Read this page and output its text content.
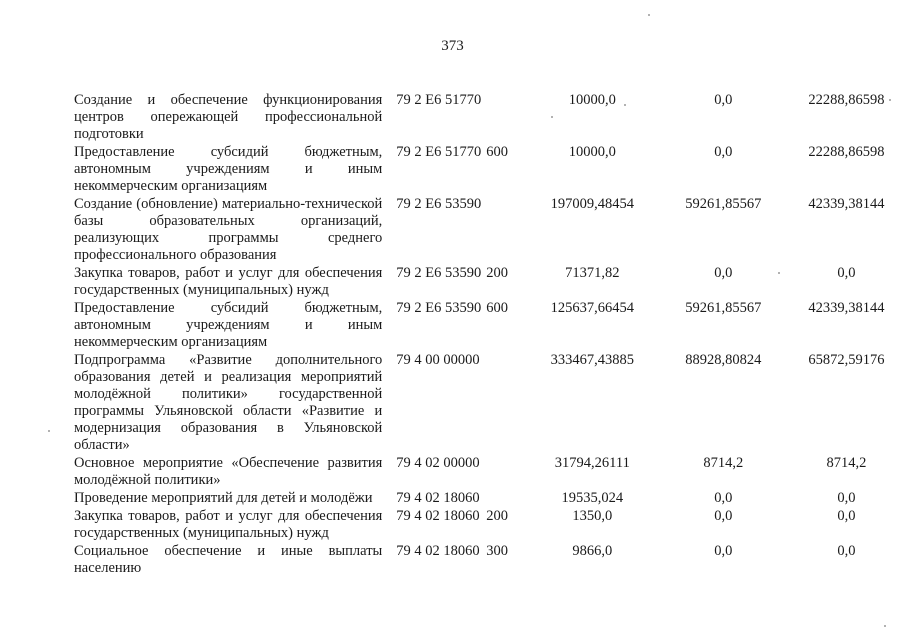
373
Создание и обеспечение функционирования центров опережающей профессиональной подготовки	79 2 Е6 51770		10000,0	0,0	22288,86598
Предоставление субсидий бюджетным, автономным учреждениям и иным некоммерческим организациям	79 2 Е6 51770	600	10000,0	0,0	22288,86598
Создание (обновление) материально-технической базы образовательных организаций, реализующих программы среднего профессионального образования	79 2 Е6 53590		197009,48454	59261,85567	42339,38144
Закупка товаров, работ и услуг для обеспечения государственных (муниципальных) нужд	79 2 Е6 53590	200	71371,82	0,0	0,0
Предоставление субсидий бюджетным, автономным учреждениям и иным некоммерческим организациям	79 2 Е6 53590	600	125637,66454	59261,85567	42339,38144
Подпрограмма «Развитие дополнительного образования детей и реализация мероприятий молодёжной политики» государственной программы Ульяновской области «Развитие и модернизация образования в Ульяновской области»	79 4 00 00000		333467,43885	88928,80824	65872,59176
Основное мероприятие «Обеспечение развития молодёжной политики»	79 4 02 00000		31794,26111	8714,2	8714,2
Проведение мероприятий для детей и молодёжи	79 4 02 18060		19535,024	0,0	0,0
Закупка товаров, работ и услуг для обеспечения государственных (муниципальных) нужд	79 4 02 18060	200	1350,0	0,0	0,0
Социальное обеспечение и иные выплаты населению	79 4 02 18060	300	9866,0	0,0	0,0
